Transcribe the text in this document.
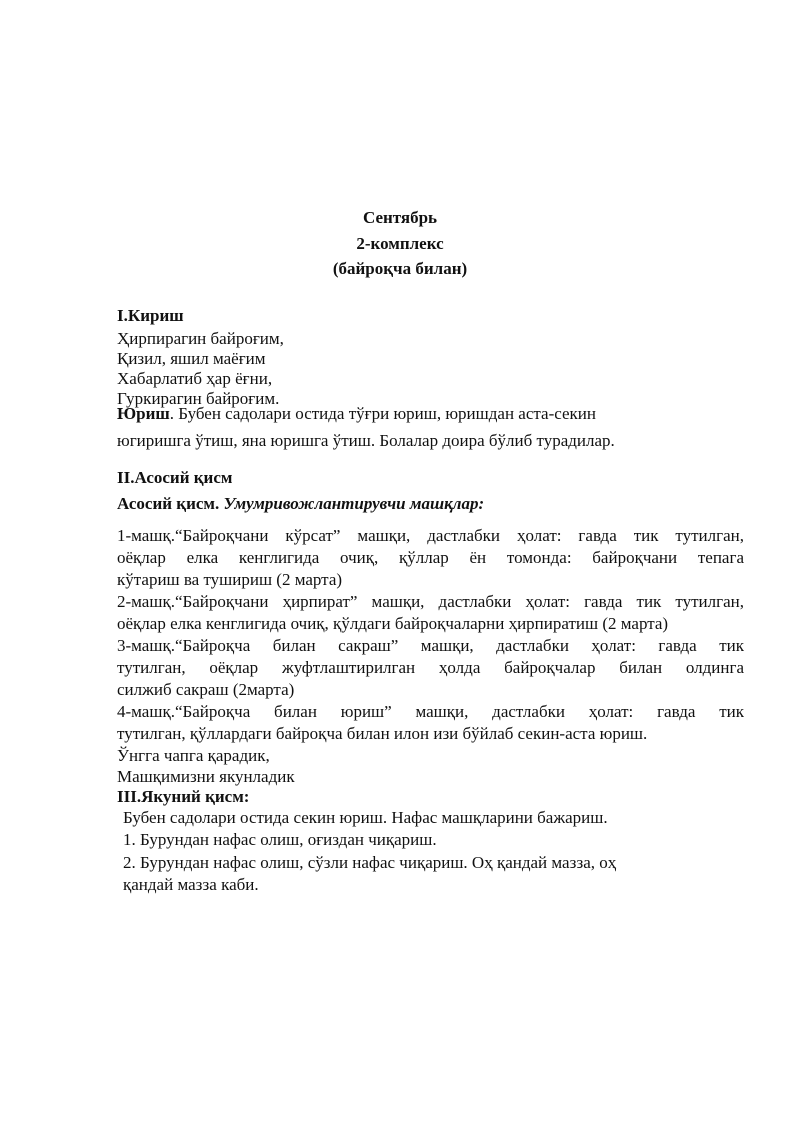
Сентябрь
2-комплекс
(байроқча билан)
I.Кириш
Ҳирпирагин байроғим,
Қизил, яшил маёғим
Хабарлатиб ҳар ёғни,
Гуркирагин байроғим.
Юриш. Бубен садолари остида тўғри юриш, юришдан аста-секин
югиришга ўтиш, яна юришга ўтиш. Болалар доира бўлиб турадилар.
II.Асосий қисм
Асосий қисм. Умумривожлантирувчи машқлар:
1-машқ.“Байроқчани кўрсат” машқи, дастлабки ҳолат: гавда тик тутилган,
оёқлар елка кенглигида очиқ, қўллар ён томонда: байроқчани тепага
кўтариш ва тушириш (2 марта)
2-машқ.“Байроқчани ҳирпират” машқи, дастлабки ҳолат: гавда тик тутилган,
оёқлар елка кенглигида очиқ, қўлдаги байроқчаларни ҳирпиратиш (2 марта)
3-машқ.“Байроқча билан сакраш” машқи, дастлабки ҳолат: гавда тик
тутилган, оёқлар жуфтлаштирилган ҳолда байроқчалар билан олдинга
силжиб сакраш (2марта)
4-машқ.“Байроқча билан юриш” машқи, дастлабки ҳолат: гавда тик
тутилган, қўллардаги байроқча билан илон изи бўйлаб секин-аста юриш.
Ўнгга чапга қарадик,
Машқимизни якунладик
III.Якуний қисм:
Бубен садолари остида секин юриш. Нафас машқларини бажариш.
1. Бурундан нафас олиш, оғиздан чиқариш.
2. Бурундан нафас олиш, сўзли нафас чиқариш. Оҳ қандай мазза, оҳ
қандай мазза каби.
